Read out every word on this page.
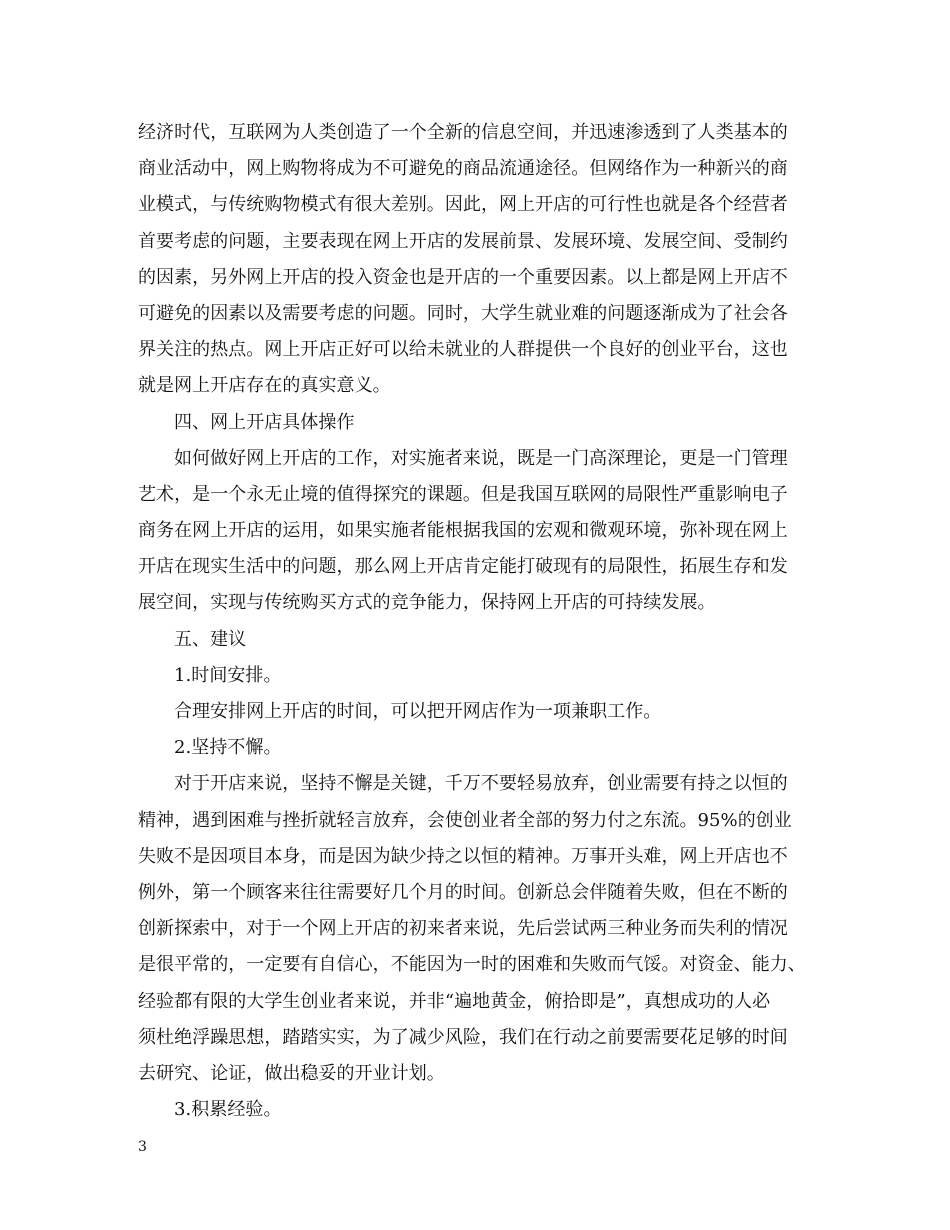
经济时代，互联网为人类创造了一个全新的信息空间，并迅速渗透到了人类基本的
商业活动中，网上购物将成为不可避免的商品流通途径。但网络作为一种新兴的商
业模式，与传统购物模式有很大差别。因此，网上开店的可行性也就是各个经营者
首要考虑的问题，主要表现在网上开店的发展前景、发展环境、发展空间、受制约
的因素，另外网上开店的投入资金也是开店的一个重要因素。以上都是网上开店不
可避免的因素以及需要考虑的问题。同时，大学生就业难的问题逐渐成为了社会各
界关注的热点。网上开店正好可以给未就业的人群提供一个良好的创业平台，这也
就是网上开店存在的真实意义。
四、网上开店具体操作
如何做好网上开店的工作，对实施者来说，既是一门高深理论，更是一门管理
艺术，是一个永无止境的值得探究的课题。但是我国互联网的局限性严重影响电子
商务在网上开店的运用，如果实施者能根据我国的宏观和微观环境，弥补现在网上
开店在现实生活中的问题，那么网上开店肯定能打破现有的局限性，拓展生存和发
展空间，实现与传统购买方式的竞争能力，保持网上开店的可持续发展。
五、建议
1.时间安排。
合理安排网上开店的时间，可以把开网店作为一项兼职工作。
2.坚持不懈。
对于开店来说，坚持不懈是关键，千万不要轻易放弃，创业需要有持之以恒的
精神，遇到困难与挫折就轻言放弃，会使创业者全部的努力付之东流。95%的创业
失败不是因项目本身，而是因为缺少持之以恒的精神。万事开头难，网上开店也不
例外，第一个顾客来往往需要好几个月的时间。创新总会伴随着失败，但在不断的
创新探索中，对于一个网上开店的初来者来说，先后尝试两三种业务而失利的情况
是很平常的，一定要有自信心，不能因为一时的困难和失败而气馁。对资金、能力、
经验都有限的大学生创业者来说，并非“遍地黄金，俯拾即是”，真想成功的人必
须杜绝浮躁思想，踏踏实实，为了减少风险，我们在行动之前要需要花足够的时间
去研究、论证，做出稳妥的开业计划。
3.积累经验。
3
